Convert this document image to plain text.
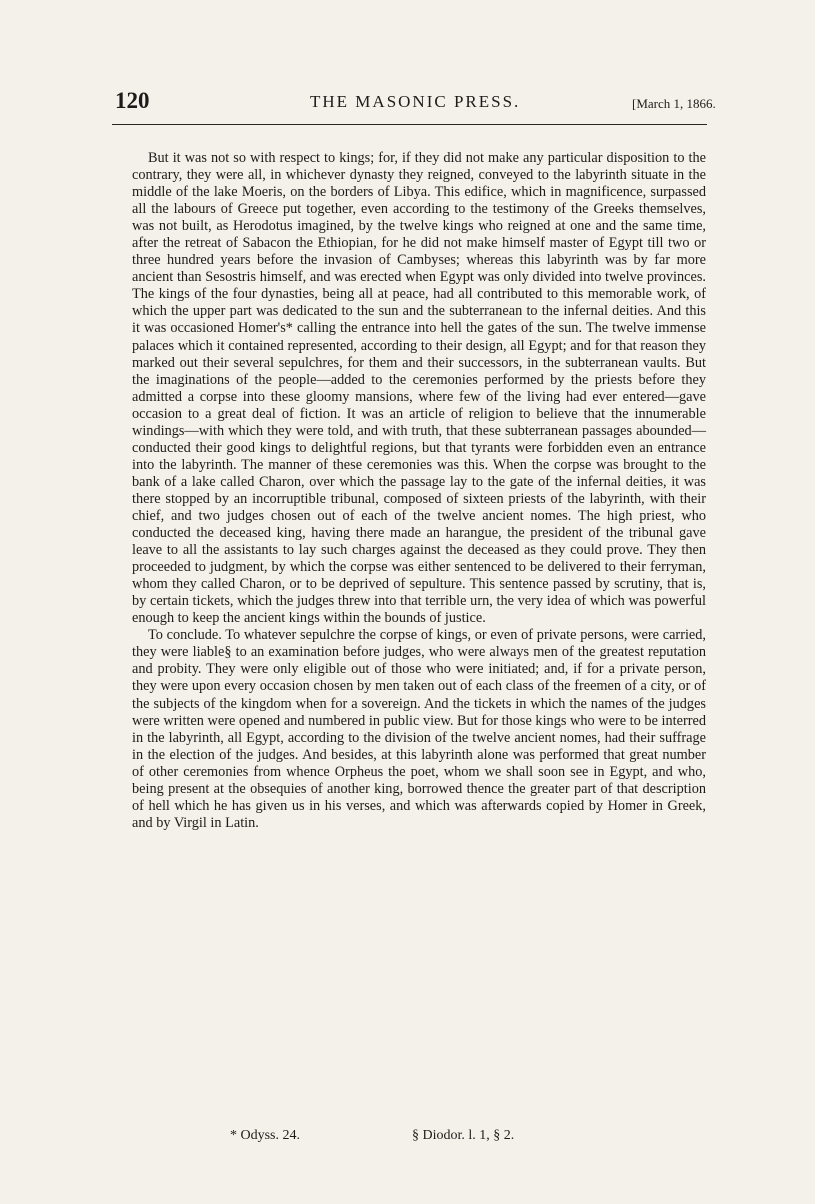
120	THE MASONIC PRESS.	[March 1, 1866.

But it was not so with respect to kings; for, if they did not make any particular disposition to the contrary, they were all, in whichever dynasty they reigned, conveyed to the labyrinth situate in the middle of the lake Moeris, on the borders of Libya. This edifice, which in magnificence, surpassed all the labours of Greece put together, even according to the testimony of the Greeks themselves, was not built, as Herodotus imagined, by the twelve kings who reigned at one and the same time, after the retreat of Sabacon the Ethiopian, for he did not make himself master of Egypt till two or three hundred years before the invasion of Cambyses; whereas this labyrinth was by far more ancient than Sesostris himself, and was erected when Egypt was only divided into twelve provinces. The kings of the four dynasties, being all at peace, had all contributed to this memorable work, of which the upper part was dedicated to the sun and the subterranean to the infernal deities. And this it was occasioned Homer's* calling the entrance into hell the gates of the sun. The twelve immense palaces which it contained represented, according to their design, all Egypt; and for that reason they marked out their several sepulchres, for them and their successors, in the subterranean vaults. But the imaginations of the people—added to the ceremonies performed by the priests before they admitted a corpse into these gloomy mansions, where few of the living had ever entered—gave occasion to a great deal of fiction. It was an article of religion to believe that the innumerable windings—with which they were told, and with truth, that these subterranean passages abounded—conducted their good kings to delightful regions, but that tyrants were forbidden even an entrance into the labyrinth. The manner of these ceremonies was this. When the corpse was brought to the bank of a lake called Charon, over which the passage lay to the gate of the infernal deities, it was there stopped by an incorruptible tribunal, composed of sixteen priests of the labyrinth, with their chief, and two judges chosen out of each of the twelve ancient nomes. The high priest, who conducted the deceased king, having there made an harangue, the president of the tribunal gave leave to all the assistants to lay such charges against the deceased as they could prove. They then proceeded to judgment, by which the corpse was either sentenced to be delivered to their ferryman, whom they called Charon, or to be deprived of sepulture. This sentence passed by scrutiny, that is, by certain tickets, which the judges threw into that terrible urn, the very idea of which was powerful enough to keep the ancient kings within the bounds of justice.

To conclude. To whatever sepulchre the corpse of kings, or even of private persons, were carried, they were liable§ to an examination before judges, who were always men of the greatest reputation and probity. They were only eligible out of those who were initiated; and, if for a private person, they were upon every occasion chosen by men taken out of each class of the freemen of a city, or of the subjects of the kingdom when for a sovereign. And the tickets in which the names of the judges were written were opened and numbered in public view. But for those kings who were to be interred in the labyrinth, all Egypt, according to the division of the twelve ancient nomes, had their suffrage in the election of the judges. And besides, at this labyrinth alone was performed that great number of other ceremonies from whence Orpheus the poet, whom we shall soon see in Egypt, and who, being present at the obsequies of another king, borrowed thence the greater part of that description of hell which he has given us in his verses, and which was afterwards copied by Homer in Greek, and by Virgil in Latin.

* Odyss. 24.	§ Diodor. l. 1, § 2.
